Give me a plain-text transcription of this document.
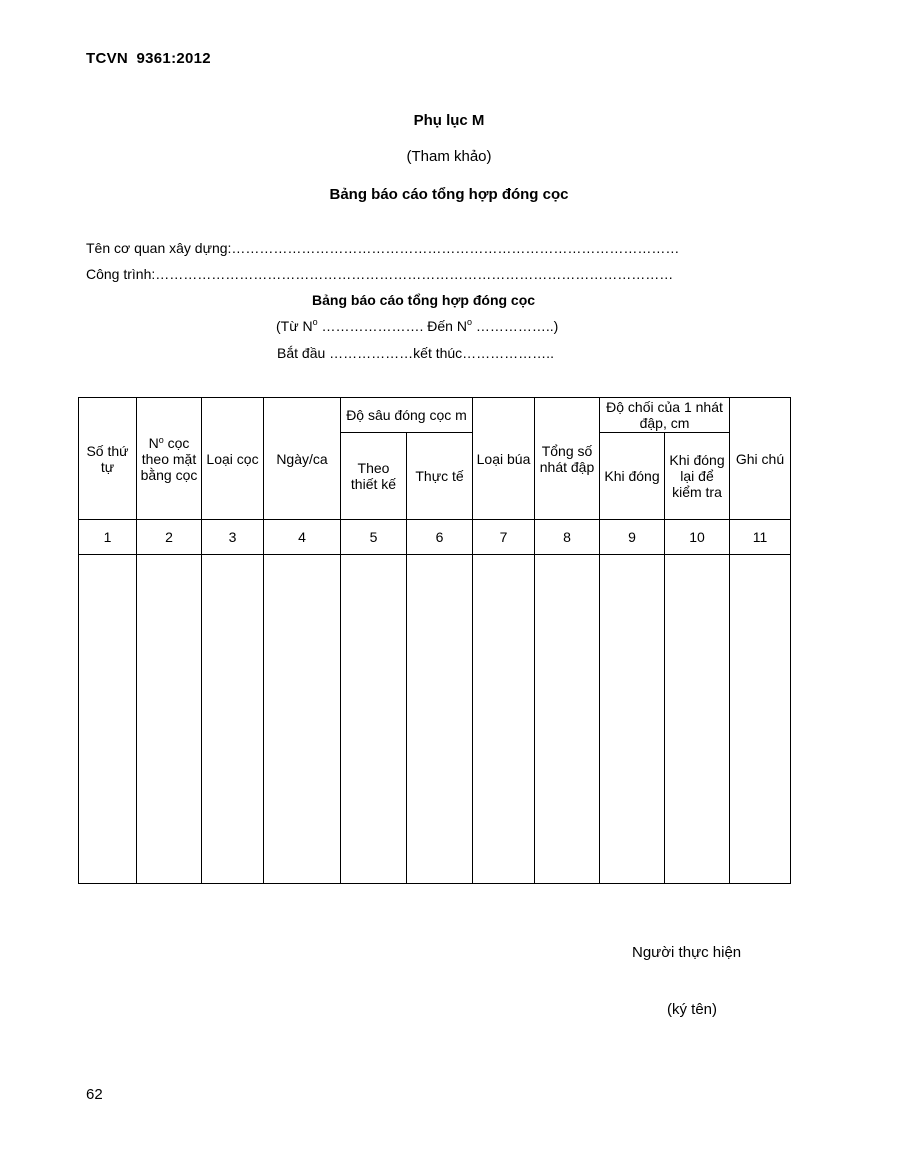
TCVN 9361:2012
Phụ lục M
(Tham khảo)
Bảng báo cáo tổng hợp đóng cọc
Tên cơ quan xây dựng:……………………………………………………………………………………
Công trình:…………………………………………………………………………………………………
Bảng báo cáo tổng hợp đóng cọc
(Từ $N^o$ …………………. Đến $N^o$ ……………..)
Bắt đầu ………………kết thúc………………..
Số thứ tự	$N^o$ cọc theo mặt bằng cọc	Loại cọc	Ngày/ca	Độ sâu đóng cọc m		Loại búa	Tổng số nhát đập	Độ chối của 1 nhát đập, cm		Ghi chú
				Theo thiết kế	Thực tế			Khi đóng	Khi đóng lại để kiểm tra	
1	2	3	4	5	6	7	8	9	10	11

Người thực hiện
(ký tên)
62
